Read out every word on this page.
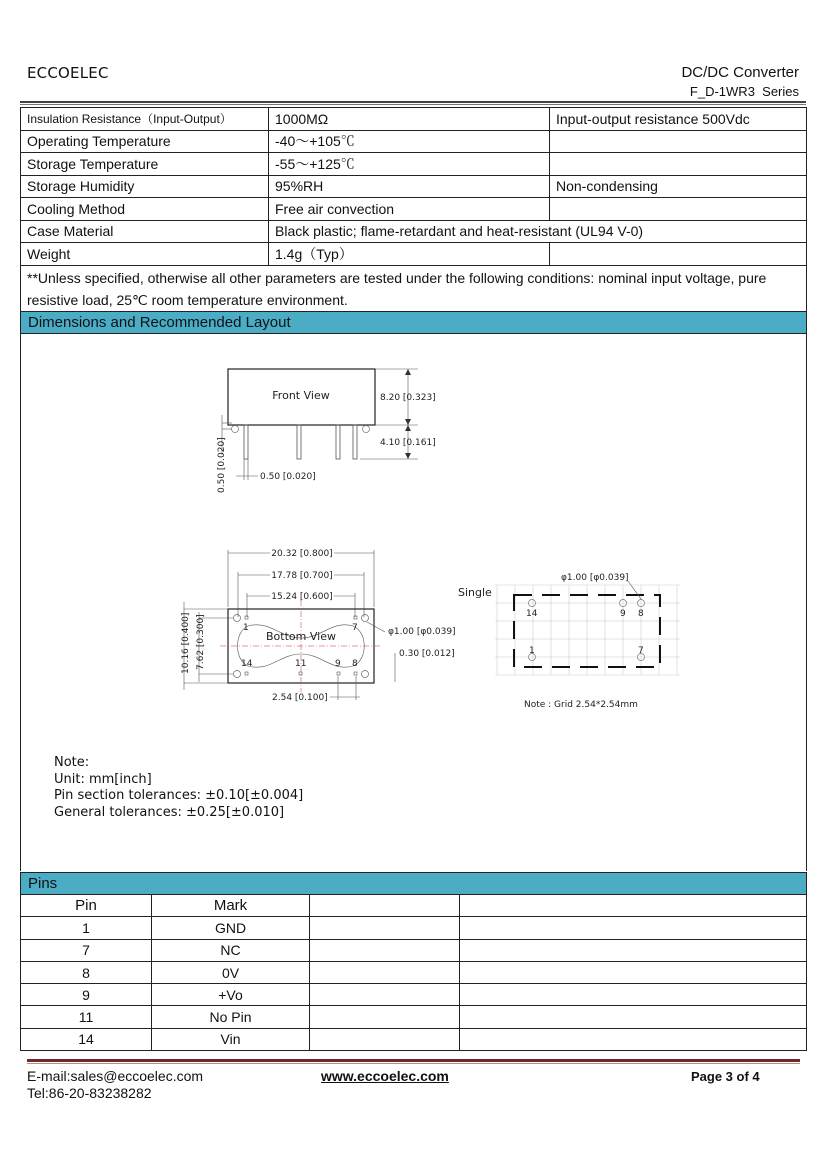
ECCOELEC	DC/DC Converter
F_D-1WR3  Series
Insulation Resistance（Input-Output）	1000MΩ	Input-output resistance 500Vdc
Operating Temperature	-40～+105℃	
Storage Temperature	-55～+125℃	
Storage Humidity	95%RH	Non-condensing
Cooling Method	Free air convection	
Case Material	Black plastic; flame-retardant and heat-resistant (UL94 V-0)	
Weight	1.4g（Typ）	
**Unless specified, otherwise all other parameters are tested under the following conditions: nominal input voltage, pure resistive load, 25℃ room temperature environment.		
Dimensions and Recommended Layout		
Front View	8.20 [0.323]
4.10 [0.161]
0.50 [0.020]	0.50 [0.020]
20.32 [0.800]
17.78 [0.700]
15.24 [0.600]
Bottom View
1	7
14	11	9 8
10.16 [0.400] 7.62 [0.300]	φ1.00 [φ0.039]
0.30 [0.012]
2.54 [0.100]
Single
φ1.00 [φ0.039]
14	9 8
1	7
Note : Grid 2.54*2.54mm
Note:
Unit: mm[inch]
Pin section tolerances: ±0.10[±0.004]
General tolerances: ±0.25[±0.010]
Pins			
Pin	Mark		
1	GND		
7	NC		
8	0V		
9	+Vo		
11	No Pin		
14	Vin		
E-mail:sales@eccoelec.com
Tel:86-20-83238282
www.eccoelec.com	Page 3 of 4
